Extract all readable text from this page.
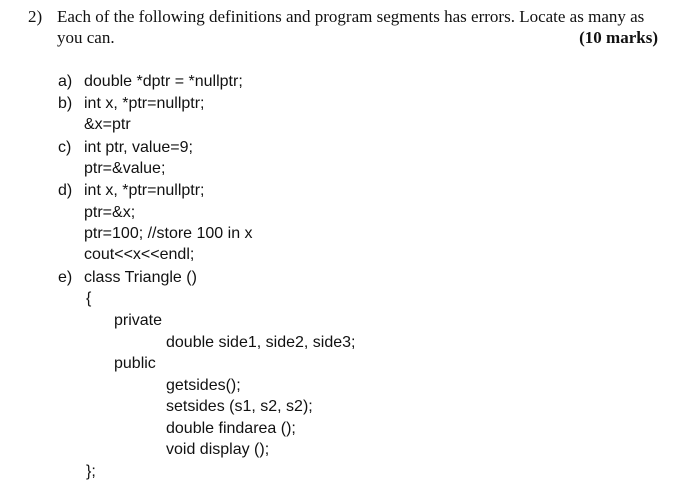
2) Each of the following definitions and program segments has errors. Locate as many as
you can.	(10 marks)
a) double *dptr = *nullptr;
b) int x, *ptr=nullptr;
&x=ptr
c) int ptr, value=9;
ptr=&value;
d) int x, *ptr=nullptr;
ptr=&x;
ptr=100; //store 100 in x
cout<<x<<endl;
e) class Triangle ()
{
private
double side1, side2, side3;
public
getsides();
setsides (s1, s2, s2);
double findarea ();
void display ();
};
